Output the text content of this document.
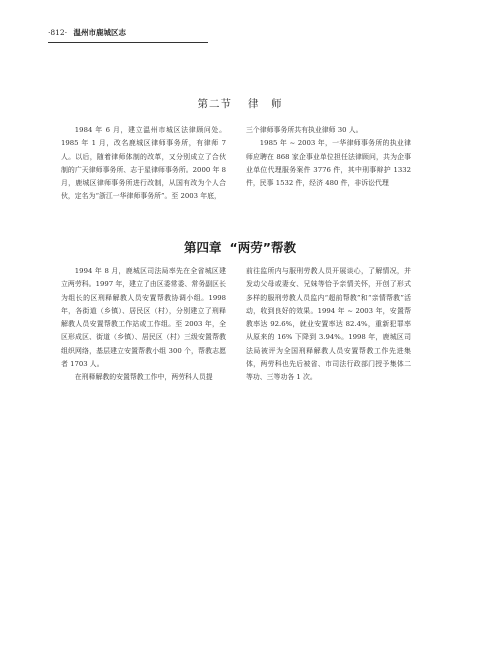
·812· 温州市鹿城区志
第二节 律　师

1984 年 6 月，建立温州市城区法律顾问处。1985 年 1 月，改名鹿城区律师事务所，有律师 7 人。以后，随着律师体制的改革，又分别成立了合伙制的广天律师事务所、志于星律师事务所。2000 年 8 月，鹿城区律师事务所进行改制，从国有改为个人合伙，定名为“浙江一华律师事务所”。至 2003 年底，

三个律师事务所共有执业律师 30 人。

1985 年 ~ 2003 年，一华律师事务所的执业律师应聘在 868 家企事业单位担任法律顾问，共为企事业单位代理服务案件 3776 件，其中刑事辩护 1332 件，民事 1532 件，经济 480 件，非诉讼代理

第四章 “两劳”帮教

1994 年 8 月，鹿城区司法局率先在全省城区建立两劳科。1997 年，建立了由区委常委、常务副区长为组长的区刑释解教人员安置帮教协调小组。1998 年，各街道（乡镇）、居民区（村），分别建立了刑释解教人员安置帮教工作站或工作组。至 2003 年，全区形成区、街道（乡镇）、居民区（村）三级安置帮教组织网络，基层建立安置帮教小组 300 个，帮教志愿者 1703 人。

在刑释解教的安置帮教工作中，两劳科人员提

前往监所内与服刑劳教人员开展谈心，了解情况，并发动父母或妻女、兄妹等恰予亲情关怀，开创了形式多样的服刑劳教人员监内“超前帮教”和“亲情帮教”活动，收到良好的效果。1994 年 ~ 2003 年，安置帮教率达 92.6%，就业安置率达 82.4%，重新犯罪率从原来的 16% 下降到 3.94%。1998 年，鹿城区司法局被评为全国刑释解教人员安置帮教工作先进集体，两劳科也先后被省、市司法行政部门授予集体二等功、三等功各 1 次。
